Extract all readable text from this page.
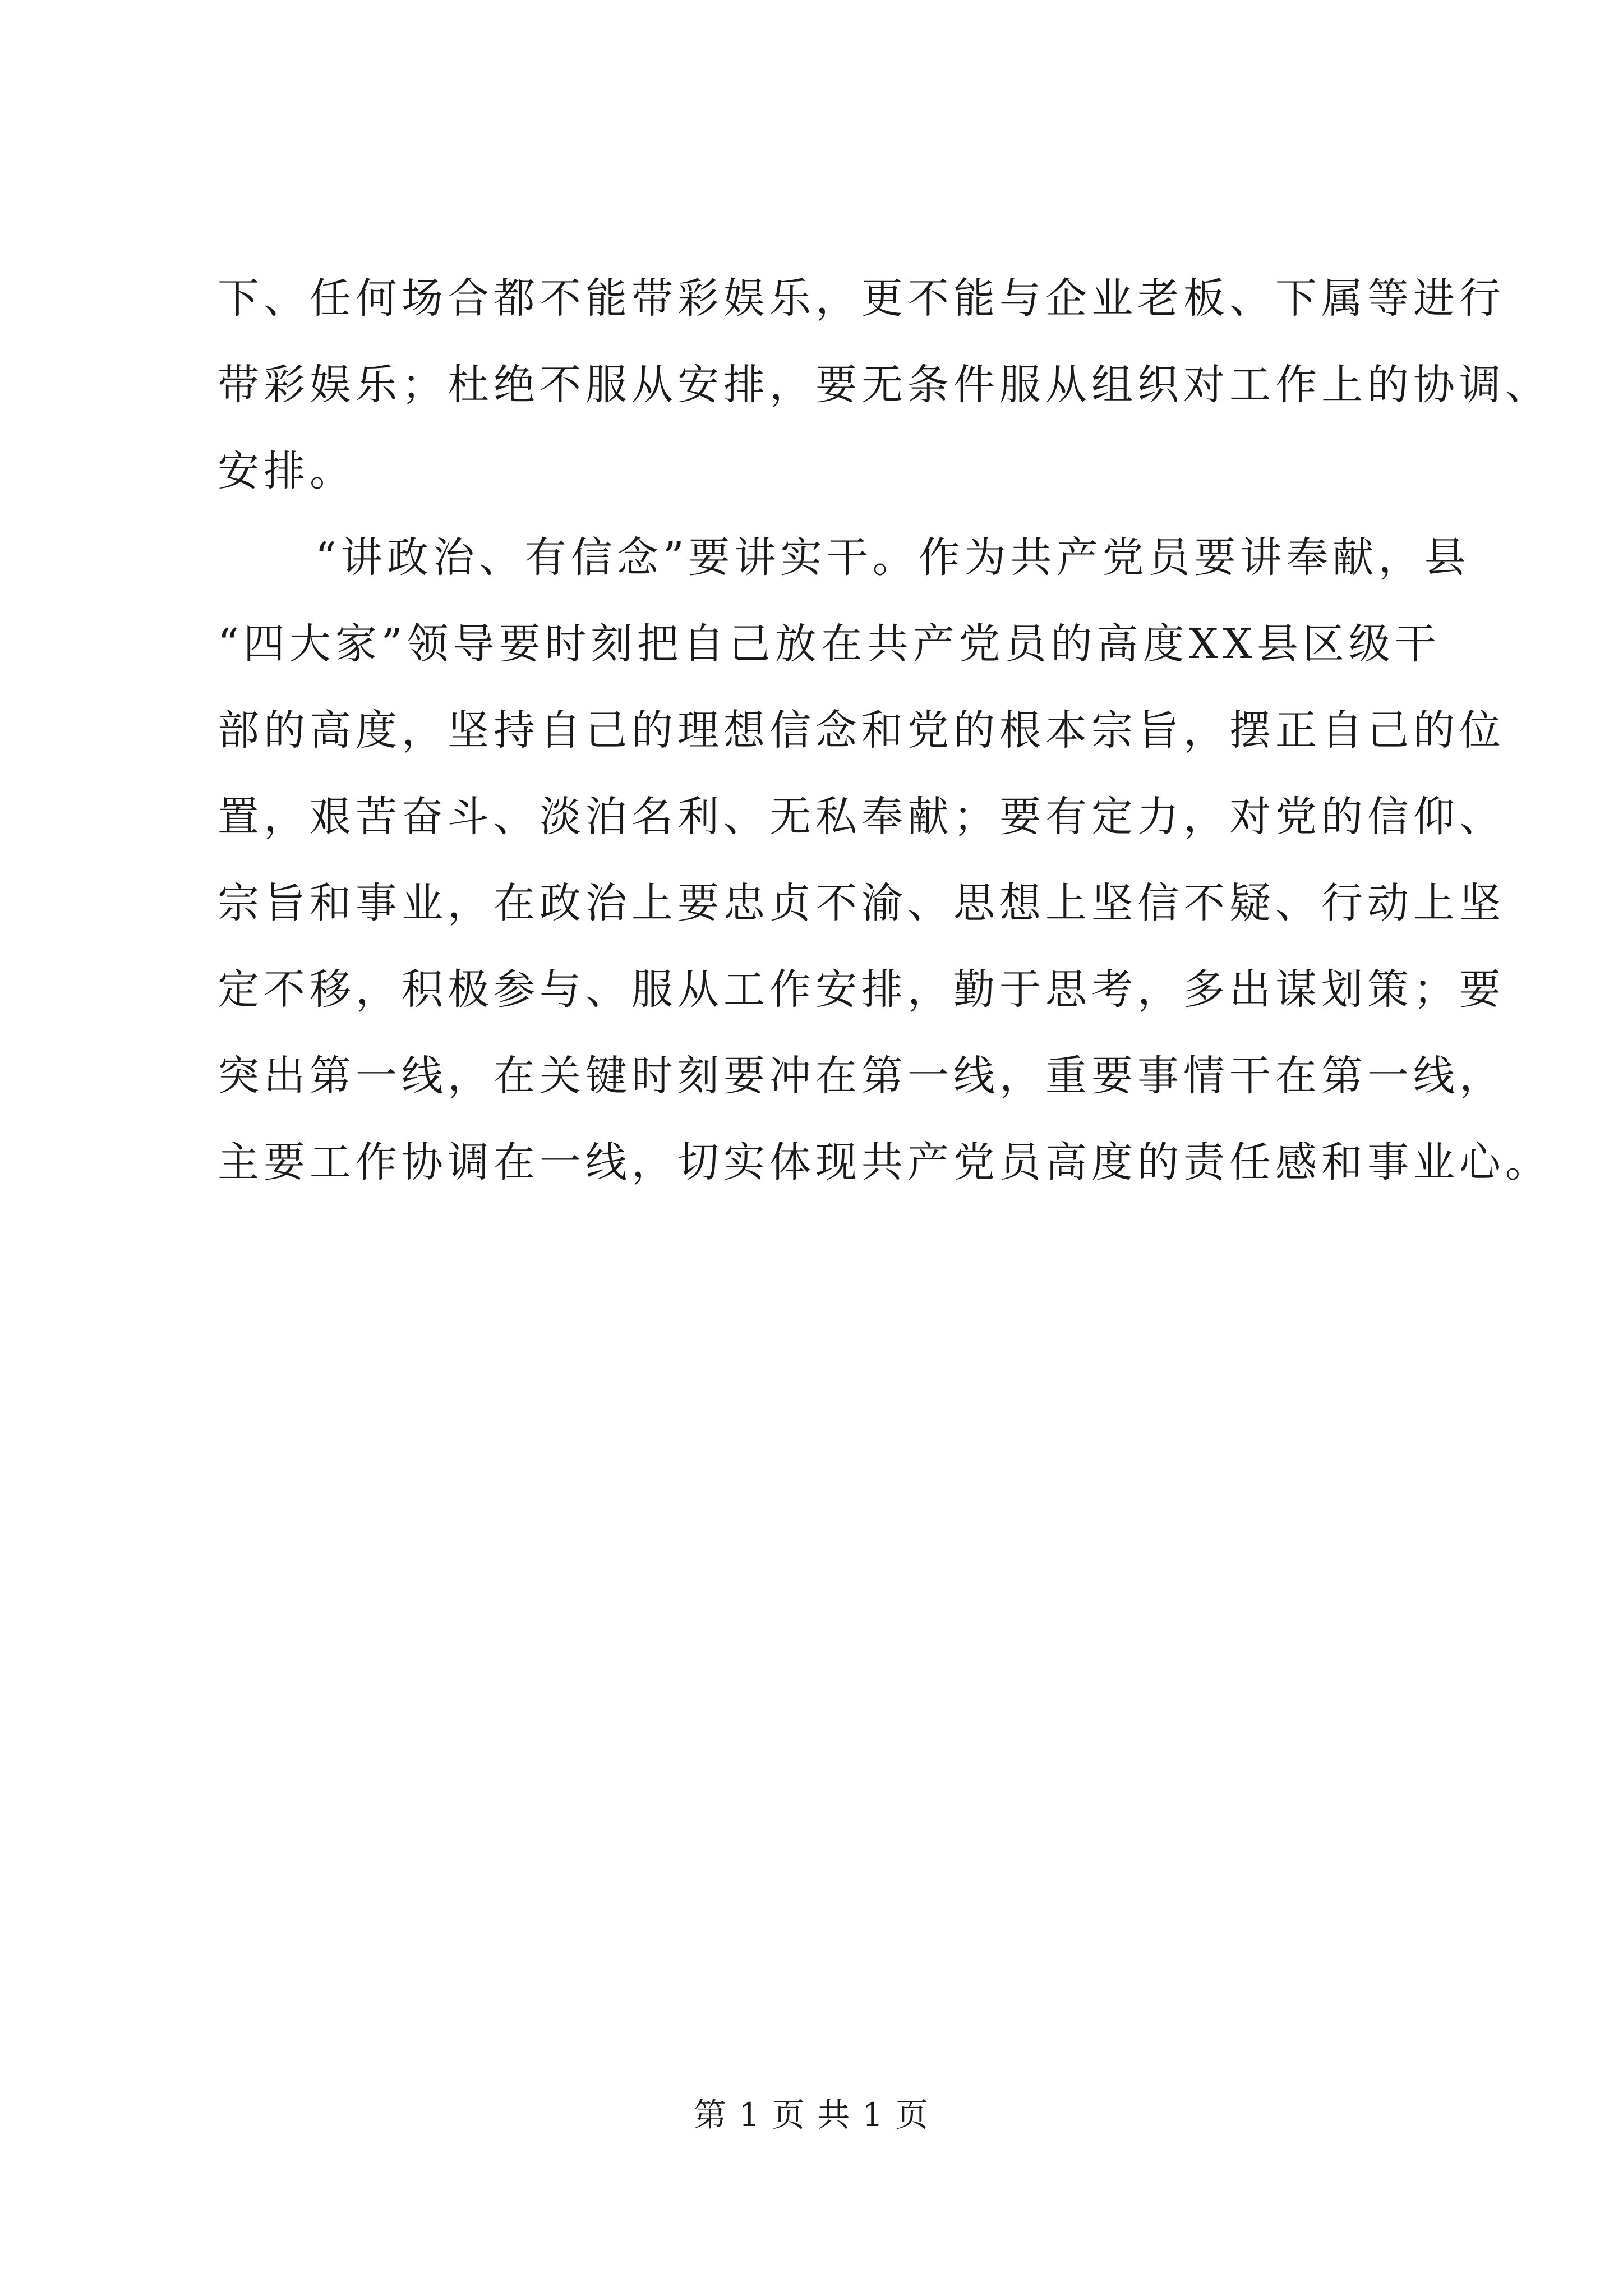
下、任何场合都不能带彩娱乐，更不能与企业老板、下属等进行
带彩娱乐；杜绝不服从安排，要无条件服从组织对工作上的协调、
安排。
“讲政治、有信念”要讲实干。作为共产党员要讲奉献，县
“四大家”领导要时刻把自己放在共产党员的高度XX县区级干
部的高度，坚持自己的理想信念和党的根本宗旨，摆正自己的位
置，艰苦奋斗、淡泊名利、无私奉献；要有定力，对党的信仰、
宗旨和事业，在政治上要忠贞不渝、思想上坚信不疑、行动上坚
定不移，积极参与、服从工作安排，勤于思考，多出谋划策；要
突出第一线，在关键时刻要冲在第一线，重要事情干在第一线，
主要工作协调在一线，切实体现共产党员高度的责任感和事业心。
第 1 页 共 1 页
